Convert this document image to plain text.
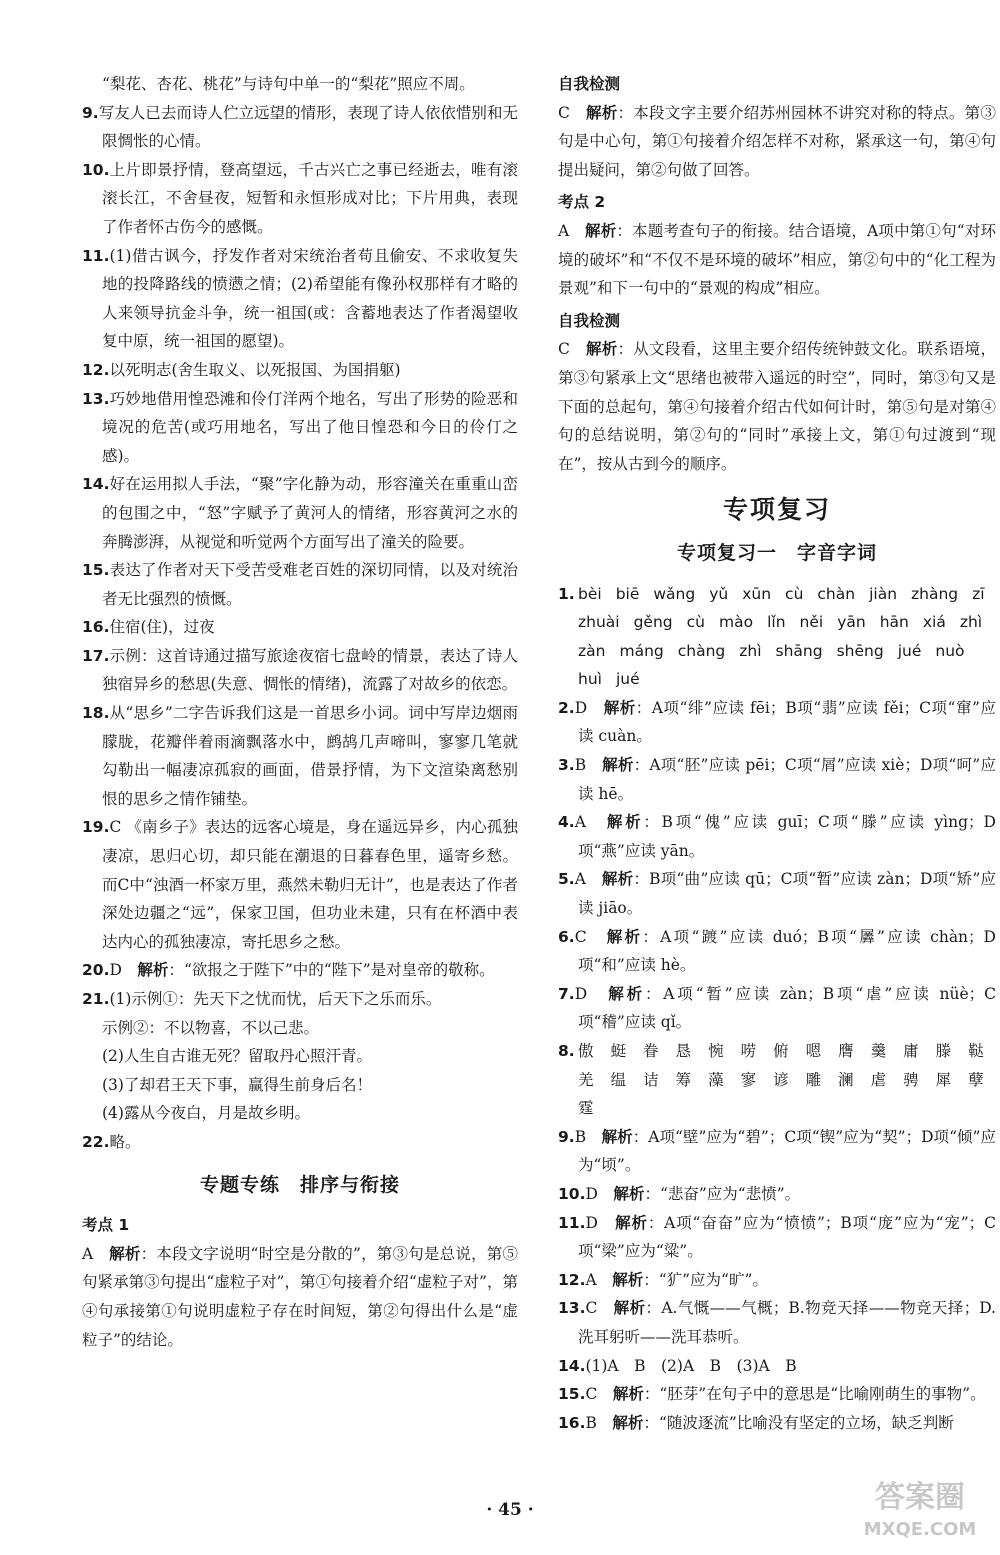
“梨花、杏花、桃花”与诗句中单一的“梨花”照应不周。

9.写友人已去而诗人伫立远望的情形，表现了诗人依依惜别和无限惆怅的心情。

10.上片即景抒情，登高望远，千古兴亡之事已经逝去，唯有滚滚长江，不舍昼夜，短暂和永恒形成对比；下片用典，表现了作者怀古伤今的感慨。

11.(1)借古讽今，抒发作者对宋统治者苟且偷安、不求收复失地的投降路线的愤懑之情；(2)希望能有像孙权那样有才略的人来领导抗金斗争，统一祖国(或：含蓄地表达了作者渴望收复中原，统一祖国的愿望)。

12.以死明志(舍生取义、以死报国、为国捐躯)

13.巧妙地借用惶恐滩和伶仃洋两个地名，写出了形势的险恶和境况的危苦(或巧用地名，写出了他日惶恐和今日的伶仃之感)。

14.好在运用拟人手法，“聚”字化静为动，形容潼关在重重山峦的包围之中，“怒”字赋予了黄河人的情绪，形容黄河之水的奔腾澎湃，从视觉和听觉两个方面写出了潼关的险要。

15.表达了作者对天下受苦受难老百姓的深切同情，以及对统治者无比强烈的愤慨。

16.住宿(住)，过夜

17.示例：这首诗通过描写旅途夜宿七盘岭的情景，表达了诗人独宿异乡的愁思(失意、惆怅的情绪)，流露了对故乡的依恋。

18.从“思乡”二字告诉我们这是一首思乡小词。词中写岸边烟雨朦胧，花瓣伴着雨滴飘落水中，鹧鸪几声啼叫，寥寥几笔就勾勒出一幅凄凉孤寂的画面，借景抒情，为下文渲染离愁别恨的思乡之情作铺垫。

19.C 《南乡子》表达的远客心境是，身在遥远异乡，内心孤独凄凉，思归心切，却只能在潮退的日暮春色里，遥寄乡愁。而C中“浊酒一杯家万里，燕然未勒归无计”，也是表达了作者深处边疆之“远”，保家卫国，但功业未建，只有在杯酒中表达内心的孤独凄凉，寄托思乡之愁。

20.D　 解析：“欲报之于陛下”中的“陛下”是对皇帝的敬称。

21.(1)示例①：先天下之忧而忧，后天下之乐而乐。

示例②：不以物喜，不以己悲。

(2)人生自古谁无死？留取丹心照汗青。

(3)了却君王天下事，赢得生前身后名！

(4)露从今夜白，月是故乡明。

22.略。

专题专练　排序与衔接

考点 1

A　 解析：本段文字说明“时空是分散的”，第③句是总说，第⑤句紧承第③句提出“虚粒子对”，第①句接着介绍“虚粒子对”，第④句承接第①句说明虚粒子存在时间短，第②句得出什么是“虚粒子”的结论。

自我检测

C　 解析：本段文字主要介绍苏州园林不讲究对称的特点。第③句是中心句，第①句接着介绍怎样不对称，紧承这一句，第④句提出疑问，第②句做了回答。

考点 2

A　 解析：本题考查句子的衔接。结合语境，A项中第①句“对环境的破坏”和“不仅不是环境的破坏”相应，第②句中的“化工程为景观”和下一句中的“景观的构成”相应。

自我检测

C　 解析：从文段看，这里主要介绍传统钟鼓文化。联系语境，第③句紧承上文“思绪也被带入遥远的时空”，同时，第③句又是下面的总起句，第④句接着介绍古代如何计时，第⑤句是对第④句的总结说明，第②句的“同时”承接上文，第①句过渡到“现在”，按从古到今的顺序。

专项复习
专项复习一　字音字词
1. bèi biē wǎng yǔ xūn cù chàn jiàn zhàng zī
zhuài gěng cù mào lǐn něi yān hān xiá zhì
zàn máng chàng zhì shāng shēng jué nuò
huì jué

2.D　 解析：A项“绯”应读 fēi；B项“翡”应读 fěi；C项“窜”应读 cuàn。

3.B　 解析：A项“胚”应读 pēi；C项“屑”应读 xiè；D项“呵”应读 hē。

4.A　 解析：B项“傀”应读 guī；C项“滕”应读 yìng；D项“燕”应读 yān。

5.A　 解析：B项“曲”应读 qū；C项“暂”应读 zàn；D项“矫”应读 jiāo。

6.C　 解析：A项“踱”应读 duó；B项“羼”应读 chàn；D项“和”应读 hè。

7.D　 解析：A项“暂”应读 zàn；B项“虐”应读 nüè；C项“稽”应读 qǐ。

8. 傲 蜓 眷 恳 惋 唠 俯 嗯 膺 羹 庸 滕 鞑
羌 缊 诘 筹 藻 寥 谚 雕 澜 虐 骋 犀 孽
霆

9.B　 解析：A项“壁”应为“碧”；C项“锲”应为“契”；D项“倾”应为“顷”。

10.D　 解析：“悲奋”应为“悲愤”。

11.D　 解析：A项“奋奋”应为“愤愤”；B项“庞”应为“宠”；C项“梁”应为“粱”。

12.A　 解析：“犷”应为“旷”。

13.C　 解析：A.气慨——气概；B.物竞天择——物竞天择；D.洗耳躬听——洗耳恭听。

14.(1)A　B　(2)A　B　(3)A　B

15.C　 解析：“胚芽”在句子中的意思是“比喻刚萌生的事物”。

16.B　 解析：“随波逐流”比喻没有坚定的立场，缺乏判断

· 45 ·	答案圈
MXQE.COM
